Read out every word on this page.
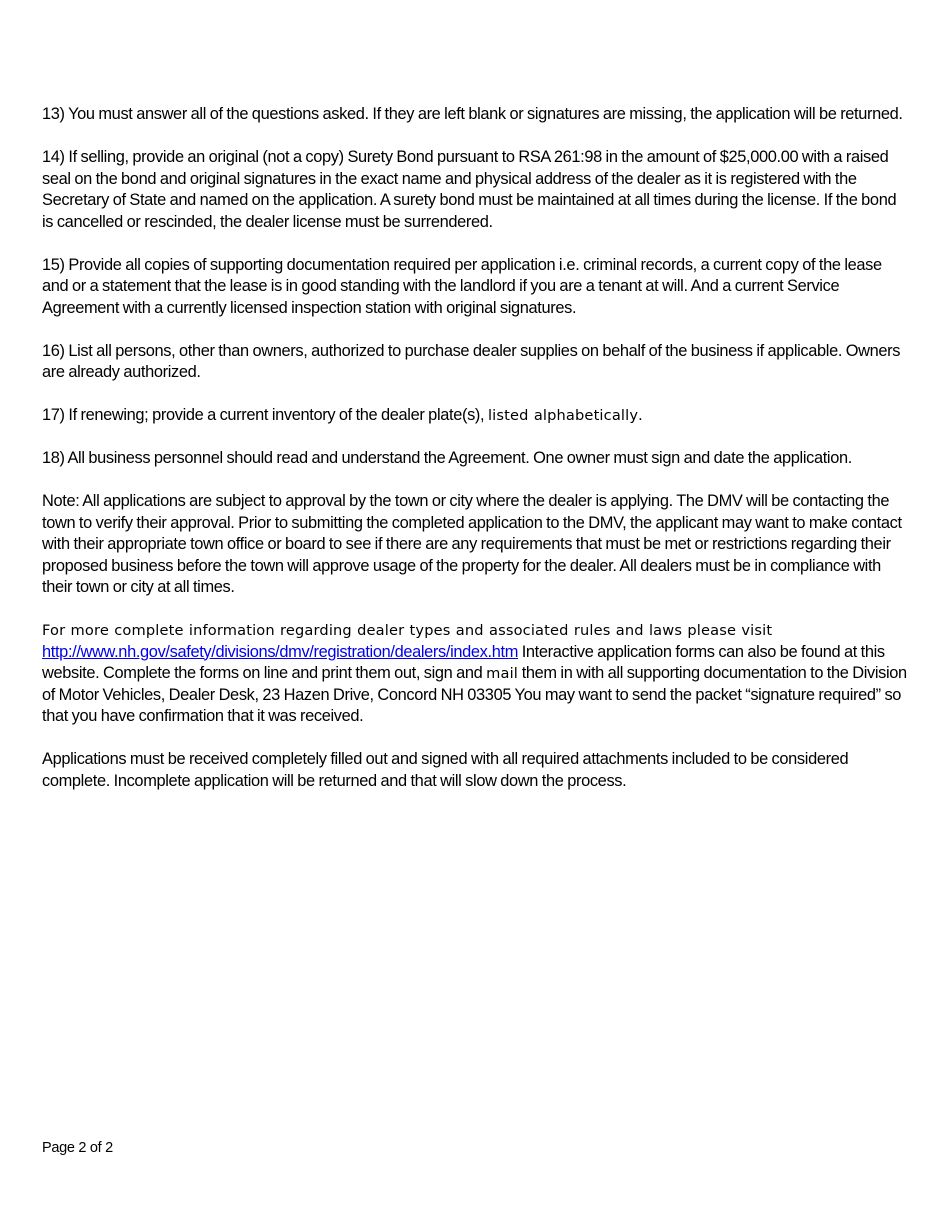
13) You must answer all of the questions asked. If they are left blank or signatures are missing, the application will be returned.

14) If selling, provide an original (not a copy) Surety Bond pursuant to RSA 261:98 in the amount of $25,000.00 with a raised seal on the bond and original signatures in the exact name and physical address of the dealer as it is registered with the Secretary of State and named on the application. A surety bond must be maintained at all times during the license. If the bond is cancelled or rescinded, the dealer license must be surrendered.

15) Provide all copies of supporting documentation required per application i.e. criminal records, a current copy of the lease and or a statement that the lease is in good standing with the landlord if you are a tenant at will. And a current Service Agreement with a currently licensed inspection station with original signatures.

16) List all persons, other than owners, authorized to purchase dealer supplies on behalf of the business if applicable. Owners are already authorized.

17) If renewing; provide a current inventory of the dealer plate(s), listed alphabetically.

18) All business personnel should read and understand the Agreement. One owner must sign and date the application.

Note: All applications are subject to approval by the town or city where the dealer is applying. The DMV will be contacting the town to verify their approval. Prior to submitting the completed application to the DMV, the applicant may want to make contact with their appropriate town office or board to see if there are any requirements that must be met or restrictions regarding their proposed business before the town will approve usage of the property for the dealer. All dealers must be in compliance with their town or city at all times.

For more complete information regarding dealer types and associated rules and laws please visit
http://www.nh.gov/safety/divisions/dmv/registration/dealers/index.htm Interactive application forms can also be found at this website. Complete the forms on line and print them out, sign and mail them in with all supporting documentation to the Division of Motor Vehicles, Dealer Desk, 23 Hazen Drive, Concord NH 03305 You may want to send the packet “signature required” so that you have confirmation that it was received.

Applications must be received completely filled out and signed with all required attachments included to be considered complete. Incomplete application will be returned and that will slow down the process.

Page 2 of 2
